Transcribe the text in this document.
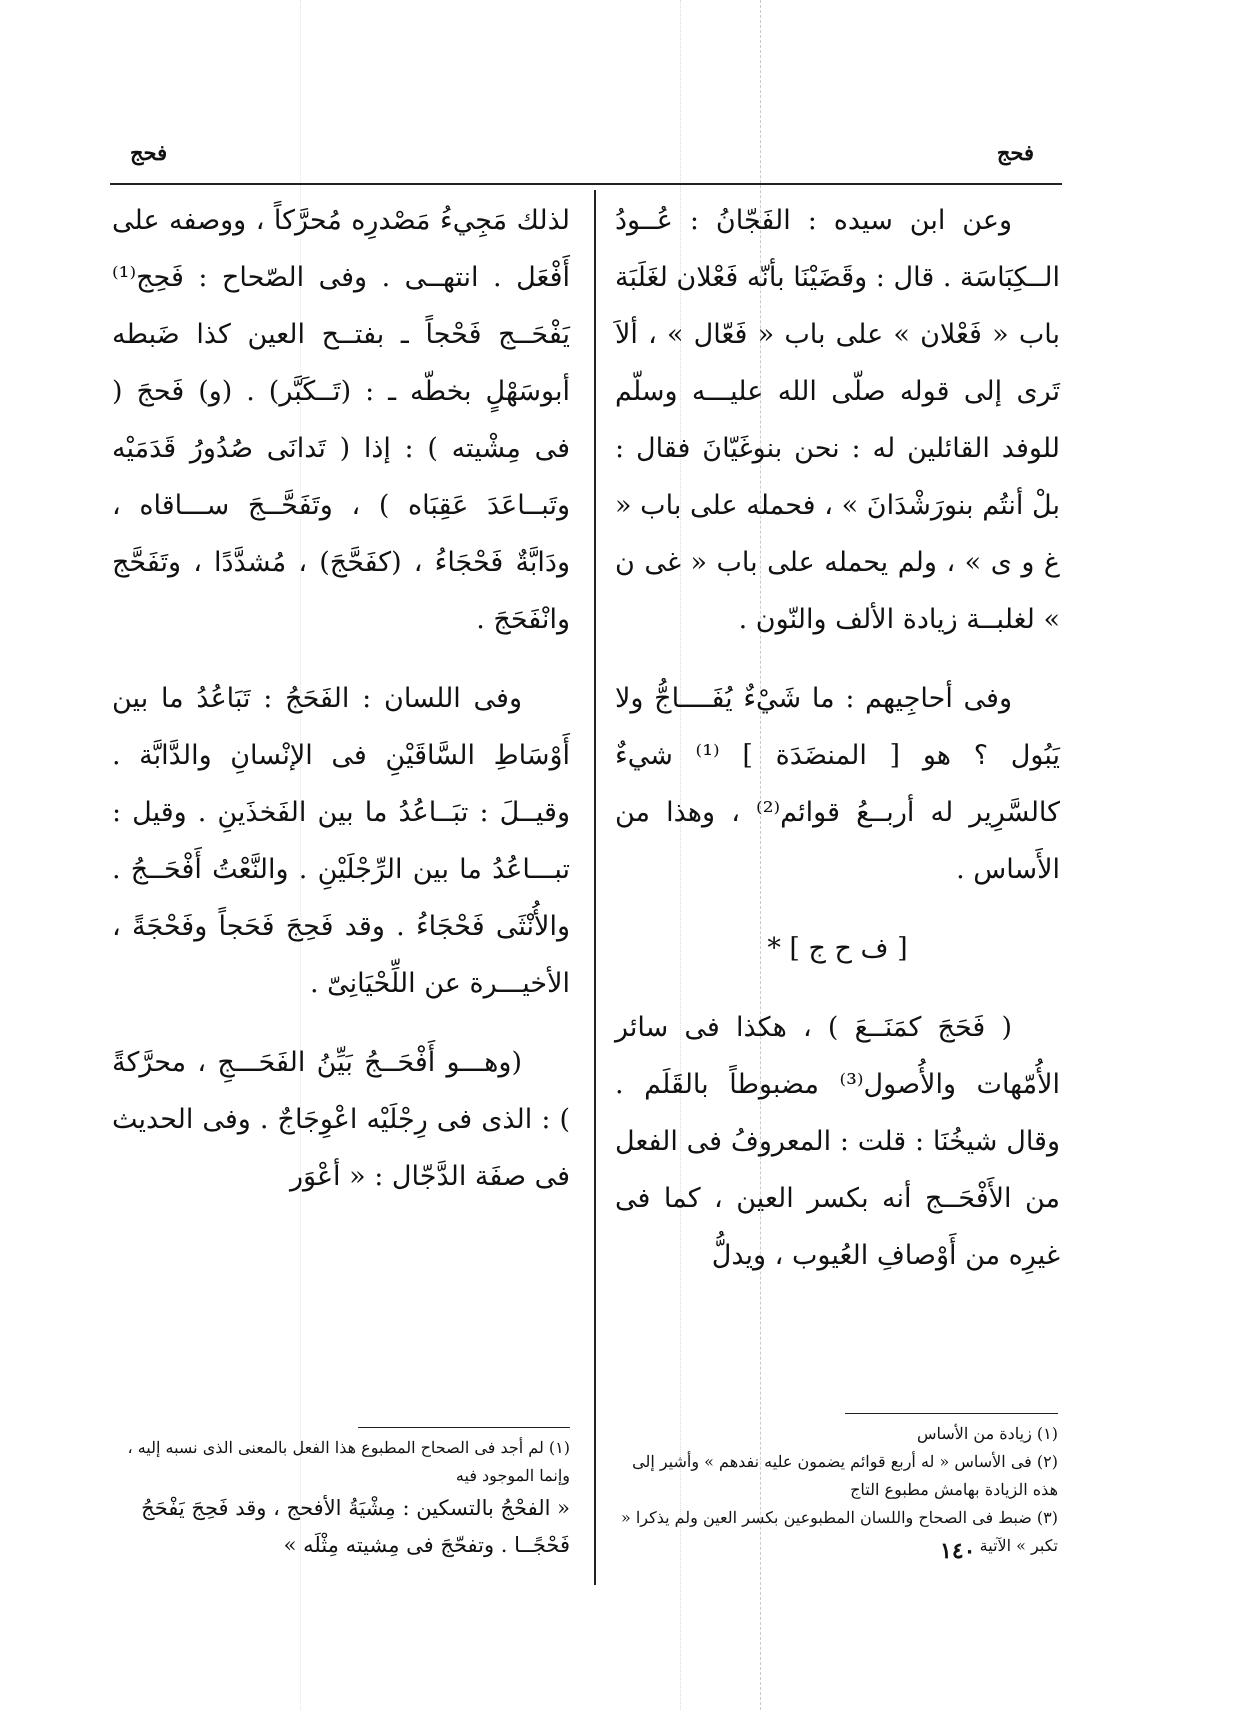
فحج	فحج

وعن ابن سيده : الفَجّانُ : عُــودُ الــكِبَاسَة . قال : وقَضَيْنَا بأنّه فَعْلان لغَلَبَة باب « فَعْلان » على باب « فَعّال » ، ألاَ تَرى إلى قوله صلّى الله عليـــه وسلّم للوفد القائلين له : نحن بنوغَيّانَ فقال : بلْ أنتُم بنورَشْدَانَ » ، فحمله على باب « غ و ى » ، ولم يحمله على باب « غى ن » لغلبــة زيادة الألف والنّون .

وفى أحاجِيهم : ما شَيْءٌ يُفَــــاجُّ ولا يَبُول ؟ هو [ المنضَدَة ] ⁽¹⁾ شيءٌ كالسَّرِير له أربــعُ قوائم⁽²⁾ ، وهذا من الأَساس .

[ ف ح ج ] *

( فَحَجَ كمَنَــعَ ) ، هكذا فى سائر الأُمّهات والأُصول⁽³⁾ مضبوطاً بالقَلَم . وقال شيخُنَا : قلت : المعروفُ فى الفعل من الأَفْحَــج أنه بكسر العين ، كما فى غيرِه من أَوْصافِ العُيوب ، ويدلُّ

لذلك مَجِيءُ مَصْدرِه مُحرَّكاً ، ووصفه على أَفْعَل . انتهــى . وفى الصّحاح : فَحِج⁽¹⁾ يَفْحَــج فَحْجاً ـ بفتــح العين كذا ضَبطه أبوسَهْلٍ بخطّه ـ : (تَــكَبَّر) . (و) فَحجَ ( فى مِشْيته ) : إذا ( تَدانَى صُدُورُ قَدَمَيْه وتَبــاعَدَ عَقِبَاه ) ، وتَفَحَّــجَ ســـاقاه ، ودَابَّةٌ فَحْجَاءُ ، (كفَحَّجَ) ، مُشدَّدًا ، وتَفَحَّج وانْفَحَجَ .

وفى اللسان : الفَحَجُ : تَبَاعُدُ ما بين أَوْسَاطِ السَّاقَيْنِ فى الإنْسانِ والدَّابَّة . وقيــلَ : تبَــاعُدُ ما بين الفَخذَينِ . وقيل : تبـــاعُدُ ما بين الرِّجْلَيْنِ . والنَّعْتُ أَفْحَــجُ . والأُنْثَى فَحْجَاءُ . وقد فَحِجَ فَحَجاً وفَحْجَةً ، الأخيـــرة عن اللِّحْيَانِىّ .

(وهـــو أَفْحَــجُ بَيِّنُ الفَحَـــجِ ، محرَّكةً ) : الذى فى رِجْلَيْه اعْوِجَاجٌ . وفى الحديث فى صفَة الدَّجّال : « أعْوَر

(١) زيادة من الأساس

(٢) فى الأساس « له أربع قوائم يضمون عليه نفدهم » وأشير إلى هذه الزيادة بهامش مطبوع التاج

(٣) ضبط فى الصحاح واللسان المطبوعين بكسر العين ولم يذكرا « تكبر » الآتية

(١) لم أجد فى الصحاح المطبوع هذا الفعل بالمعنى الذى نسبه إليه ، وإنما الموجود فيه

« الفحْجُ بالتسكين : مِشْيَةُ الأفحج ، وقد فَحِجَ يَفْحَجُ فَحْجًــا . وتفحّجَ فى مِشيته مِثْلَه »	١٤٠
